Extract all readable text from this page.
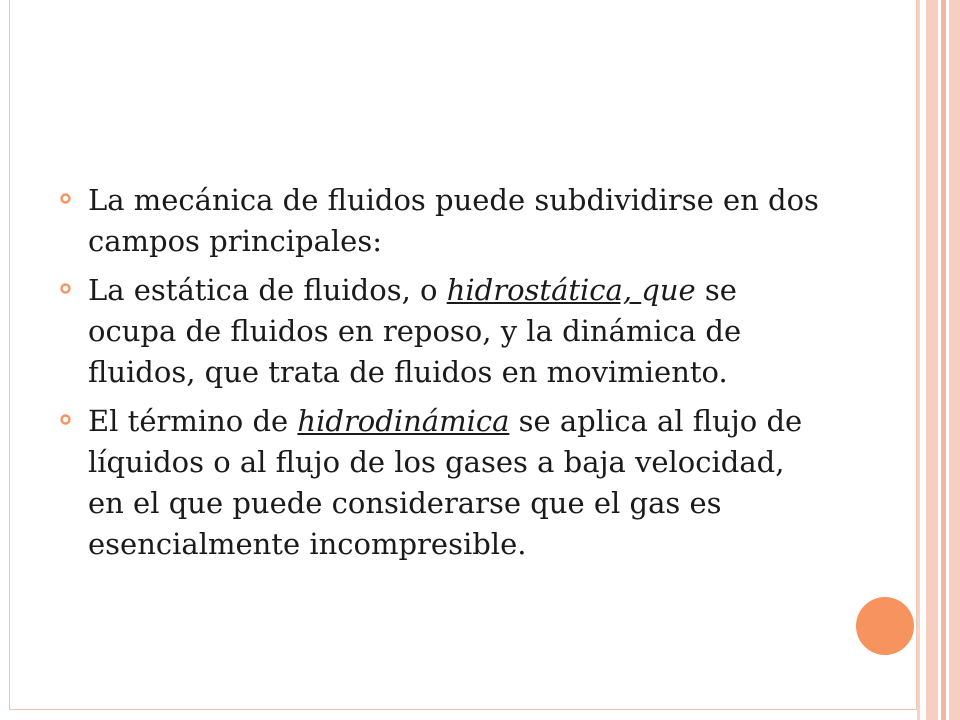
La mecánica de fluidos puede subdividirse en dos campos principales:
La estática de fluidos, o hidrostática, que se ocupa de fluidos en reposo, y la dinámica de fluidos, que trata de fluidos en movimiento.
El término de hidrodinámica se aplica al flujo de líquidos o al flujo de los gases a baja velocidad, en el que puede considerarse que el gas es esencialmente incompresible.
